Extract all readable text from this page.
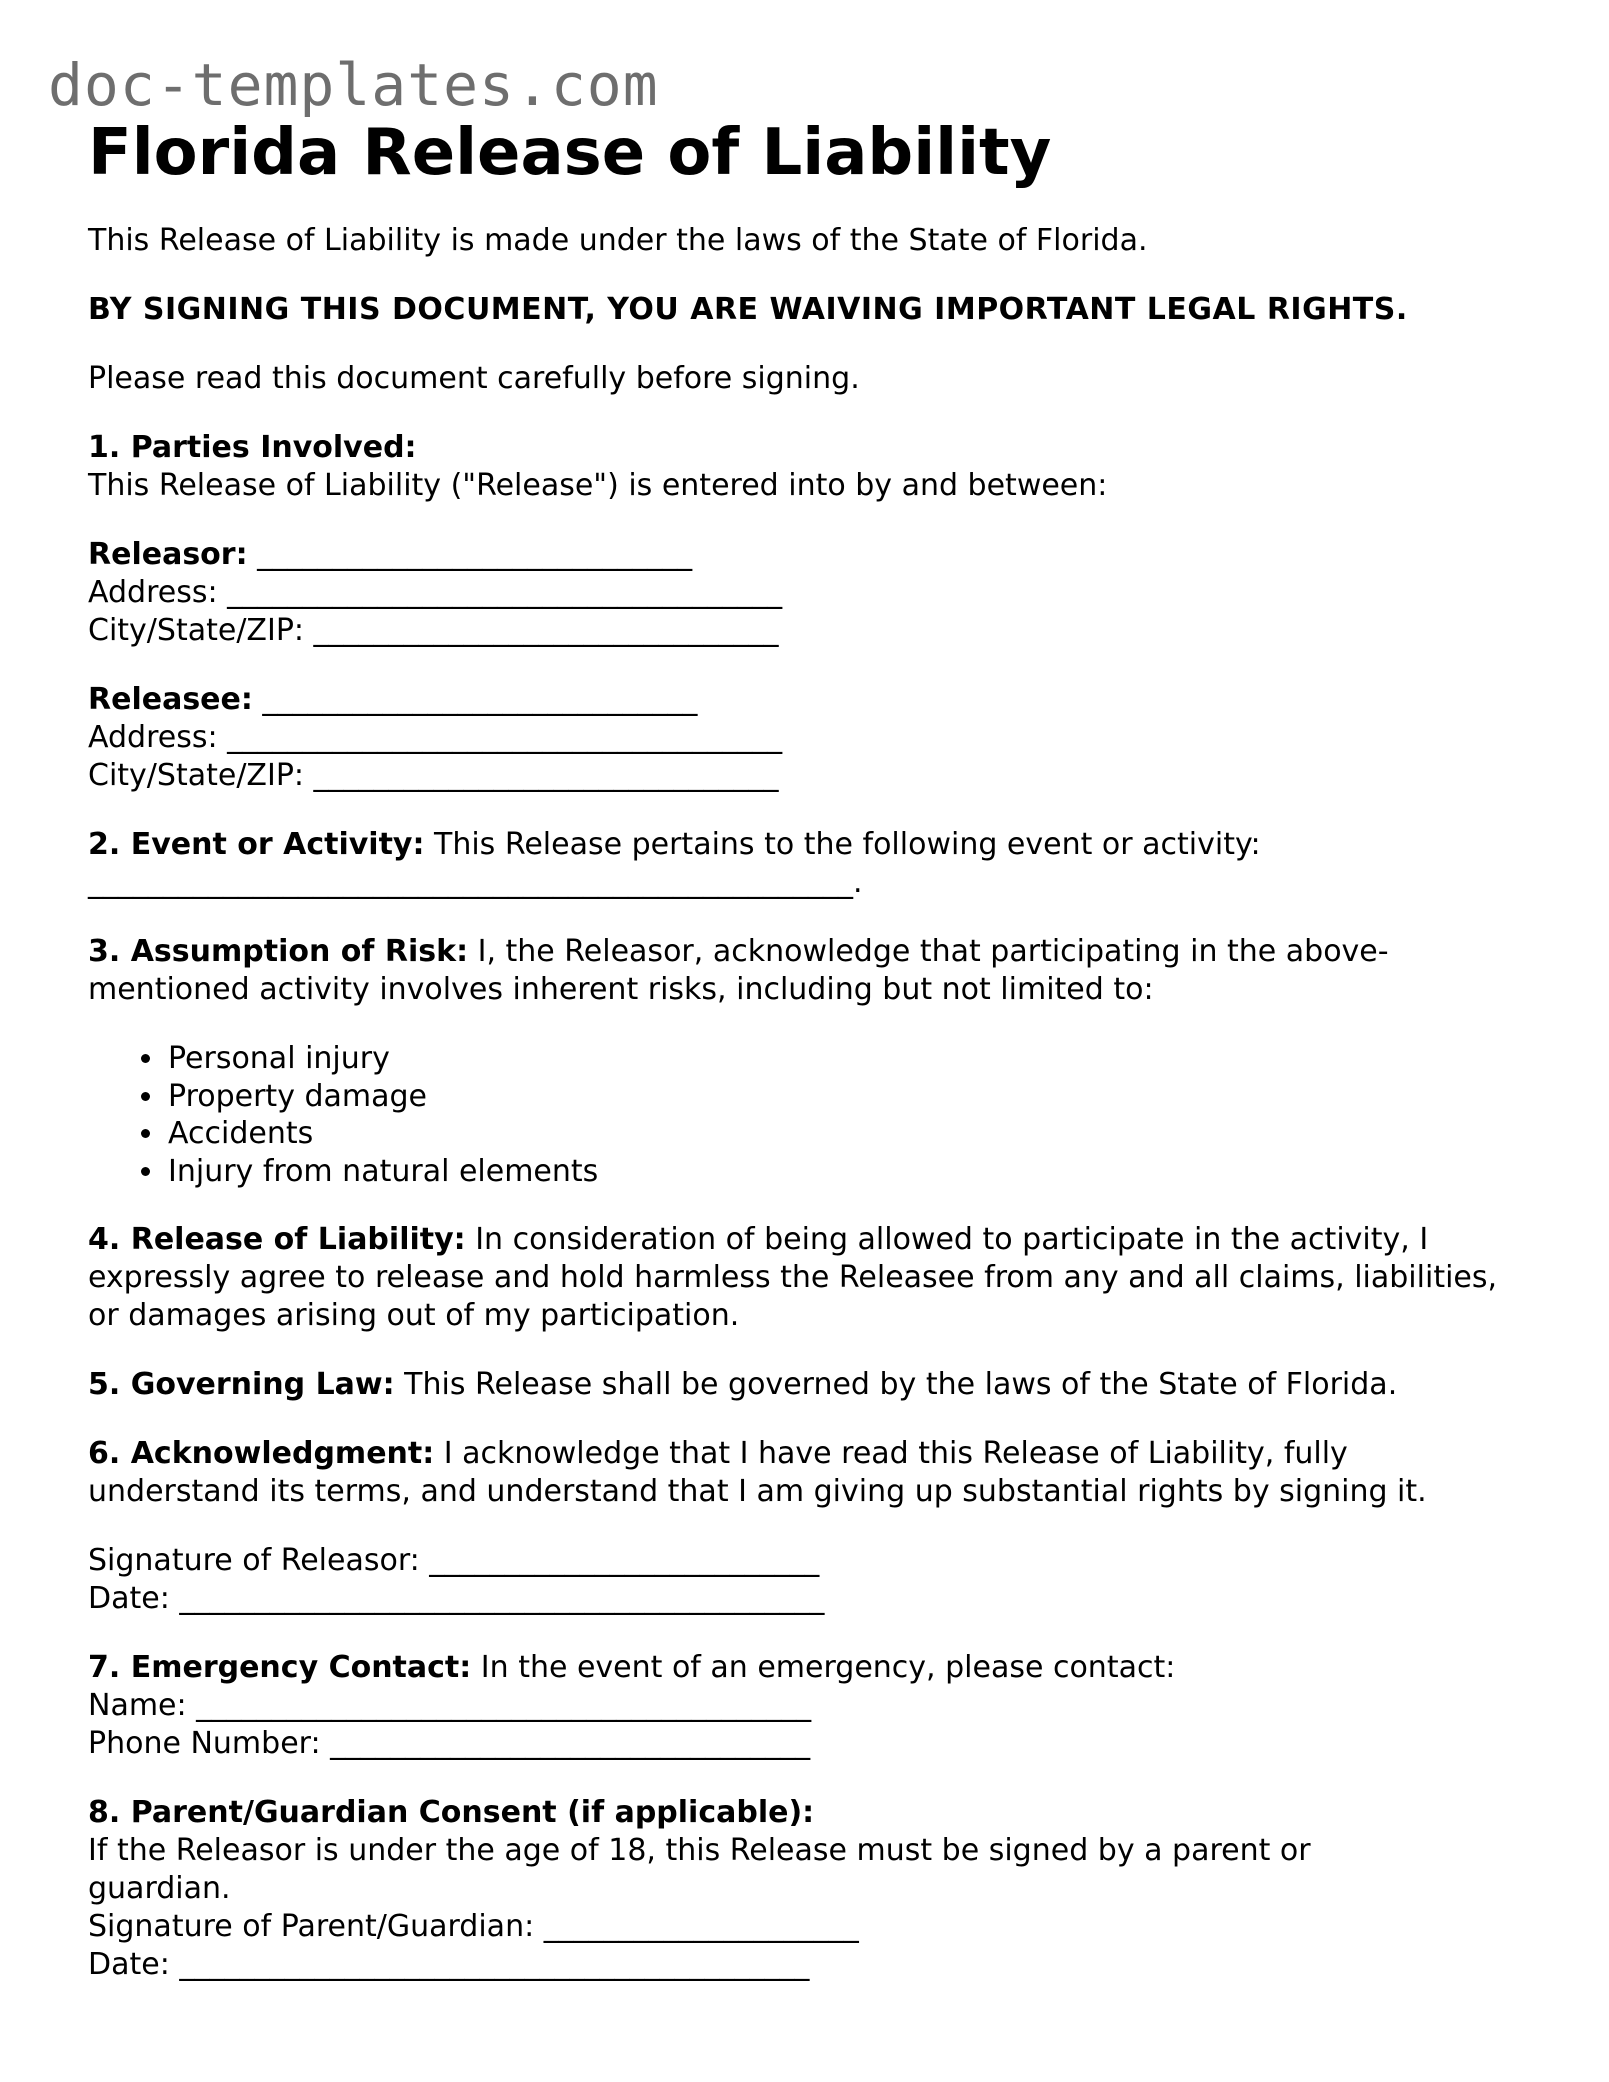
doc-templates.com
Florida Release of Liability

This Release of Liability is made under the laws of the State of Florida.

BY SIGNING THIS DOCUMENT, YOU ARE WAIVING IMPORTANT LEGAL RIGHTS.

Please read this document carefully before signing.

1. Parties Involved:

This Release of Liability ("Release") is entered into by and between:

Releasor: _____________________________

Address: _____________________________________

City/State/ZIP: _______________________________

Releasee: _____________________________

Address: _____________________________________

City/State/ZIP: _______________________________

2. Event or Activity: This Release pertains to the following event or activity:

___________________________________________________.

3. Assumption of Risk: I, the Releasor, acknowledge that participating in the above-mentioned activity involves inherent risks, including but not limited to:

• Personal injury
• Property damage
• Accidents
• Injury from natural elements

4. Release of Liability: In consideration of being allowed to participate in the activity, I expressly agree to release and hold harmless the Releasee from any and all claims, liabilities, or damages arising out of my participation.

5. Governing Law: This Release shall be governed by the laws of the State of Florida.

6. Acknowledgment: I acknowledge that I have read this Release of Liability, fully understand its terms, and understand that I am giving up substantial rights by signing it.

Signature of Releasor: __________________________

Date: ___________________________________________

7. Emergency Contact: In the event of an emergency, please contact:

Name: _________________________________________

Phone Number: ________________________________

8. Parent/Guardian Consent (if applicable):

If the Releasor is under the age of 18, this Release must be signed by a parent or guardian.

Signature of Parent/Guardian: _____________________

Date: __________________________________________
